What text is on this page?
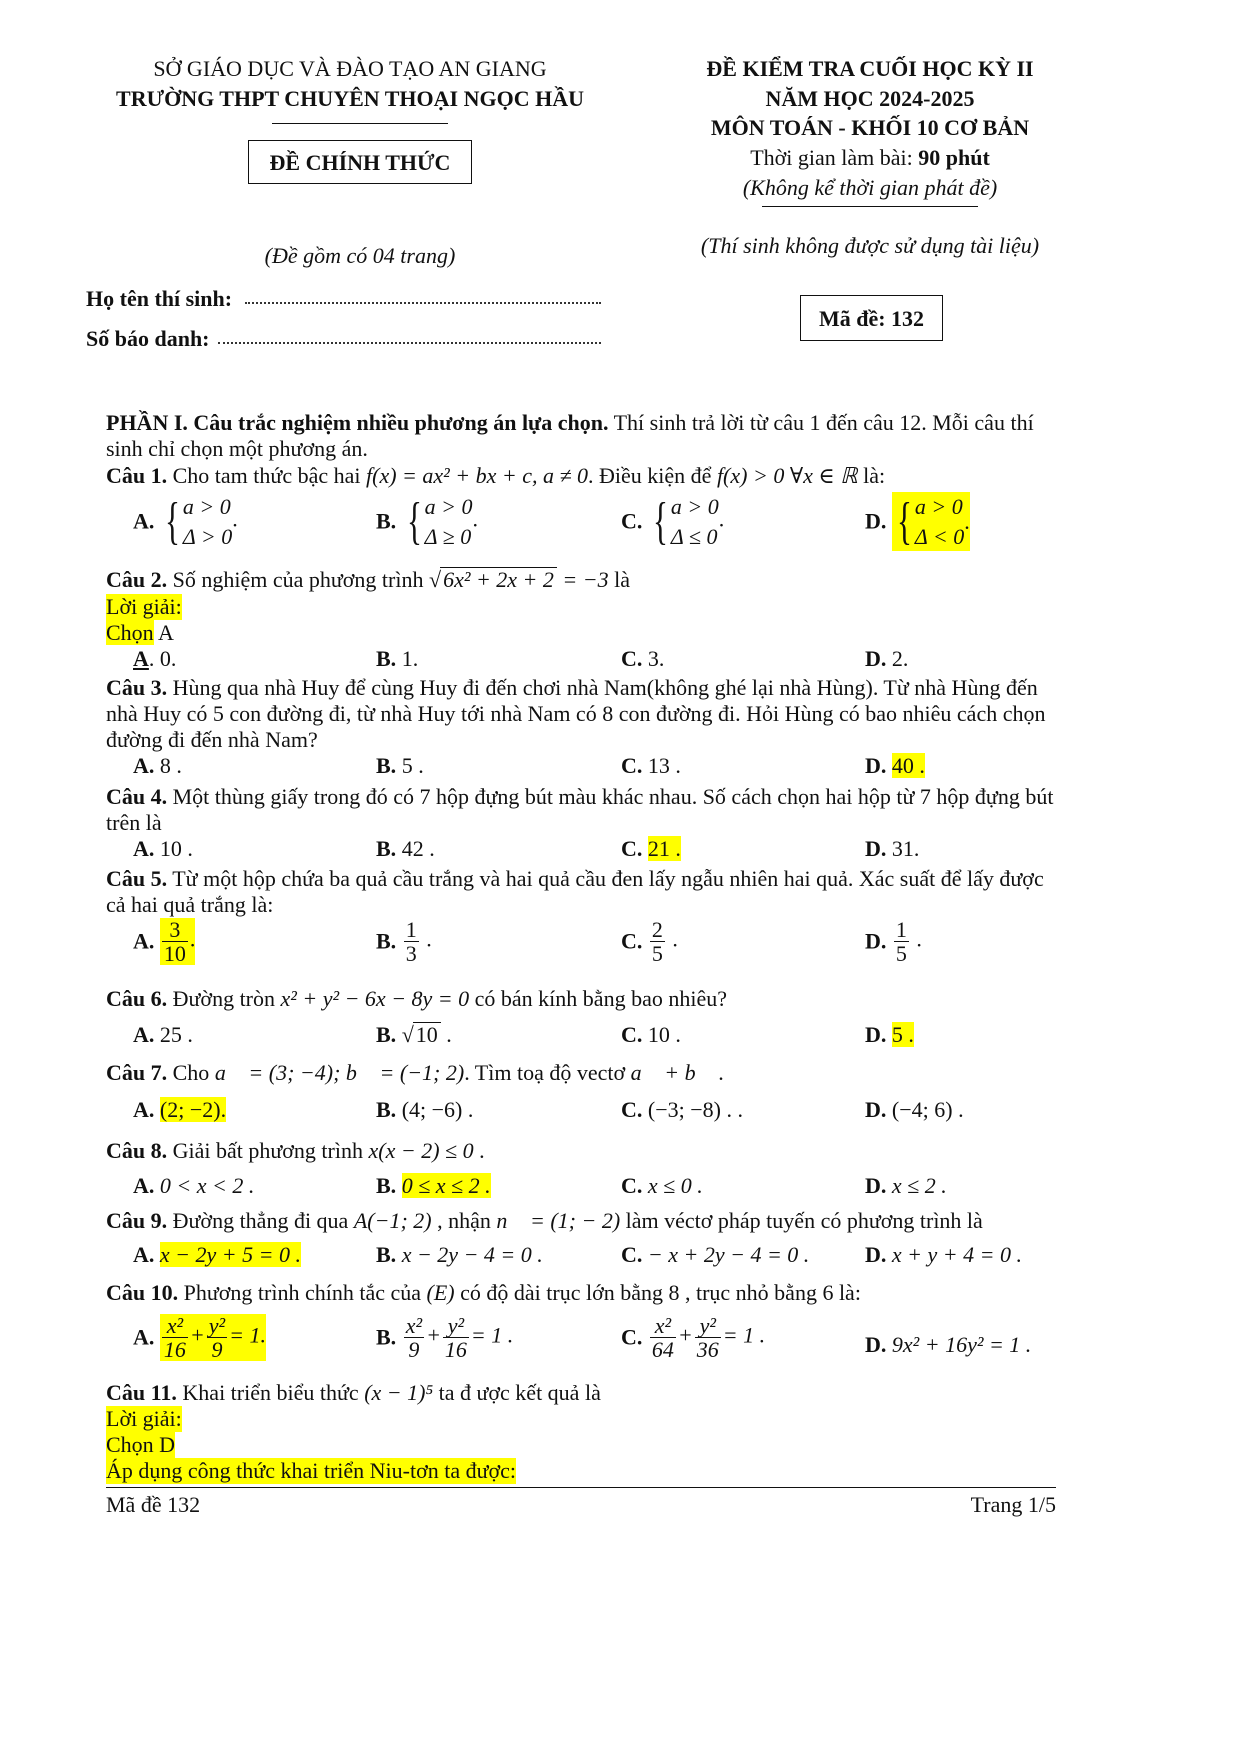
SỞ GIÁO DỤC VÀ ĐÀO TẠO AN GIANG
TRƯỜNG THPT CHUYÊN THOẠI NGỌC HẦU
ĐỀ CHÍNH THỨC
(Đề gồm có 04 trang)
ĐỀ KIỂM TRA CUỐI HỌC KỲ II
NĂM HỌC 2024-2025
MÔN TOÁN - KHỐI 10 CƠ BẢN
Thời gian làm bài: 90 phút
(Không kể thời gian phát đề)
(Thí sinh không được sử dụng tài liệu)
Họ tên thí sinh:
Số báo danh:
Mã đề: 132
PHẦN I. Câu trắc nghiệm nhiều phương án lựa chọn. Thí sinh trả lời từ câu 1 đến câu 12. Mỗi câu thí sinh chỉ chọn một phương án.
Câu 1. Cho tam thức bậc hai f(x) = ax² + bx + c, a ≠ 0. Điều kiện để f(x) > 0 ∀x ∈ ℝ là:
A. { a > 0
Δ > 0
.	B. { a > 0
Δ ≥ 0
.	C. { a > 0
Δ ≤ 0
.	D. { a > 0
Δ < 0
.
Câu 2. Số nghiệm của phương trình √6x² + 2x + 2 = −3 là
Lời giải:
Chọn A
A. 0.	B. 1.	C. 3.	D. 2.
Câu 3. Hùng qua nhà Huy để cùng Huy đi đến chơi nhà Nam(không ghé lại nhà Hùng). Từ nhà Hùng đến nhà Huy có 5 con đường đi, từ nhà Huy tới nhà Nam có 8 con đường đi. Hỏi Hùng có bao nhiêu cách chọn đường đi đến nhà Nam?
A. 8 .	B. 5 .	C. 13 .	D. 40 .
Câu 4. Một thùng giấy trong đó có 7 hộp đựng bút màu khác nhau. Số cách chọn hai hộp từ 7 hộp đựng bút trên là
A. 10 .	B. 42 .	C. 21 .	D. 31.
Câu 5. Từ một hộp chứa ba quả cầu trắng và hai quả cầu đen lấy ngẫu nhiên hai quả. Xác suất để lấy được cả hai quả trắng là:
A. $\frac{3}{10}$ .	B. $\frac{1}{3}$ .	C. $\frac{2}{5}$ .	D. $\frac{1}{5}$ .
Câu 6. Đường tròn x² + y² − 6x − 8y = 0 có bán kính bằng bao nhiêu?
A. 25 .	B. √10 .	C. 10 .	D. 5 .
Câu 7. Cho a⃗ = (3; −4); b⃗ = (−1; 2). Tìm toạ độ vectơ a⃗ + b⃗ .
A. (2; −2).	B. (4; −6) .	C. (−3; −8) . .	D. (−4; 6) .
Câu 8. Giải bất phương trình x(x − 2) ≤ 0 .
A. 0 < x < 2 .	B. 0 ≤ x ≤ 2 .	C. x ≤ 0 .	D. x ≤ 2 .
Câu 9. Đường thẳng đi qua A(−1; 2) , nhận n⃗ = (1; − 2) làm véctơ pháp tuyến có phương trình là
A. x − 2y + 5 = 0 .	B. x − 2y − 4 = 0 .	C. − x + 2y − 4 = 0 .	D. x + y + 4 = 0 .
Câu 10. Phương trình chính tắc của (E) có độ dài trục lớn bằng 8 , trục nhỏ bằng 6 là:
A. $\frac{\text{x²}}{16} + \frac{\text{y²}}{9} = 1$.	B. $\frac{\text{x²}}{9} + \frac{\text{y²}}{16} = 1$ .	C. $\frac{\text{x²}}{64} + \frac{\text{y²}}{36} = 1$ .	D. 9x² + 16y² = 1 .
Câu 11. Khai triển biểu thức (x − 1)⁵ ta đ ược kết quả là
Lời giải:
Chọn D
Áp dụng công thức khai triển Niu-tơn ta được:
Mã đề 132	Trang 1/5
